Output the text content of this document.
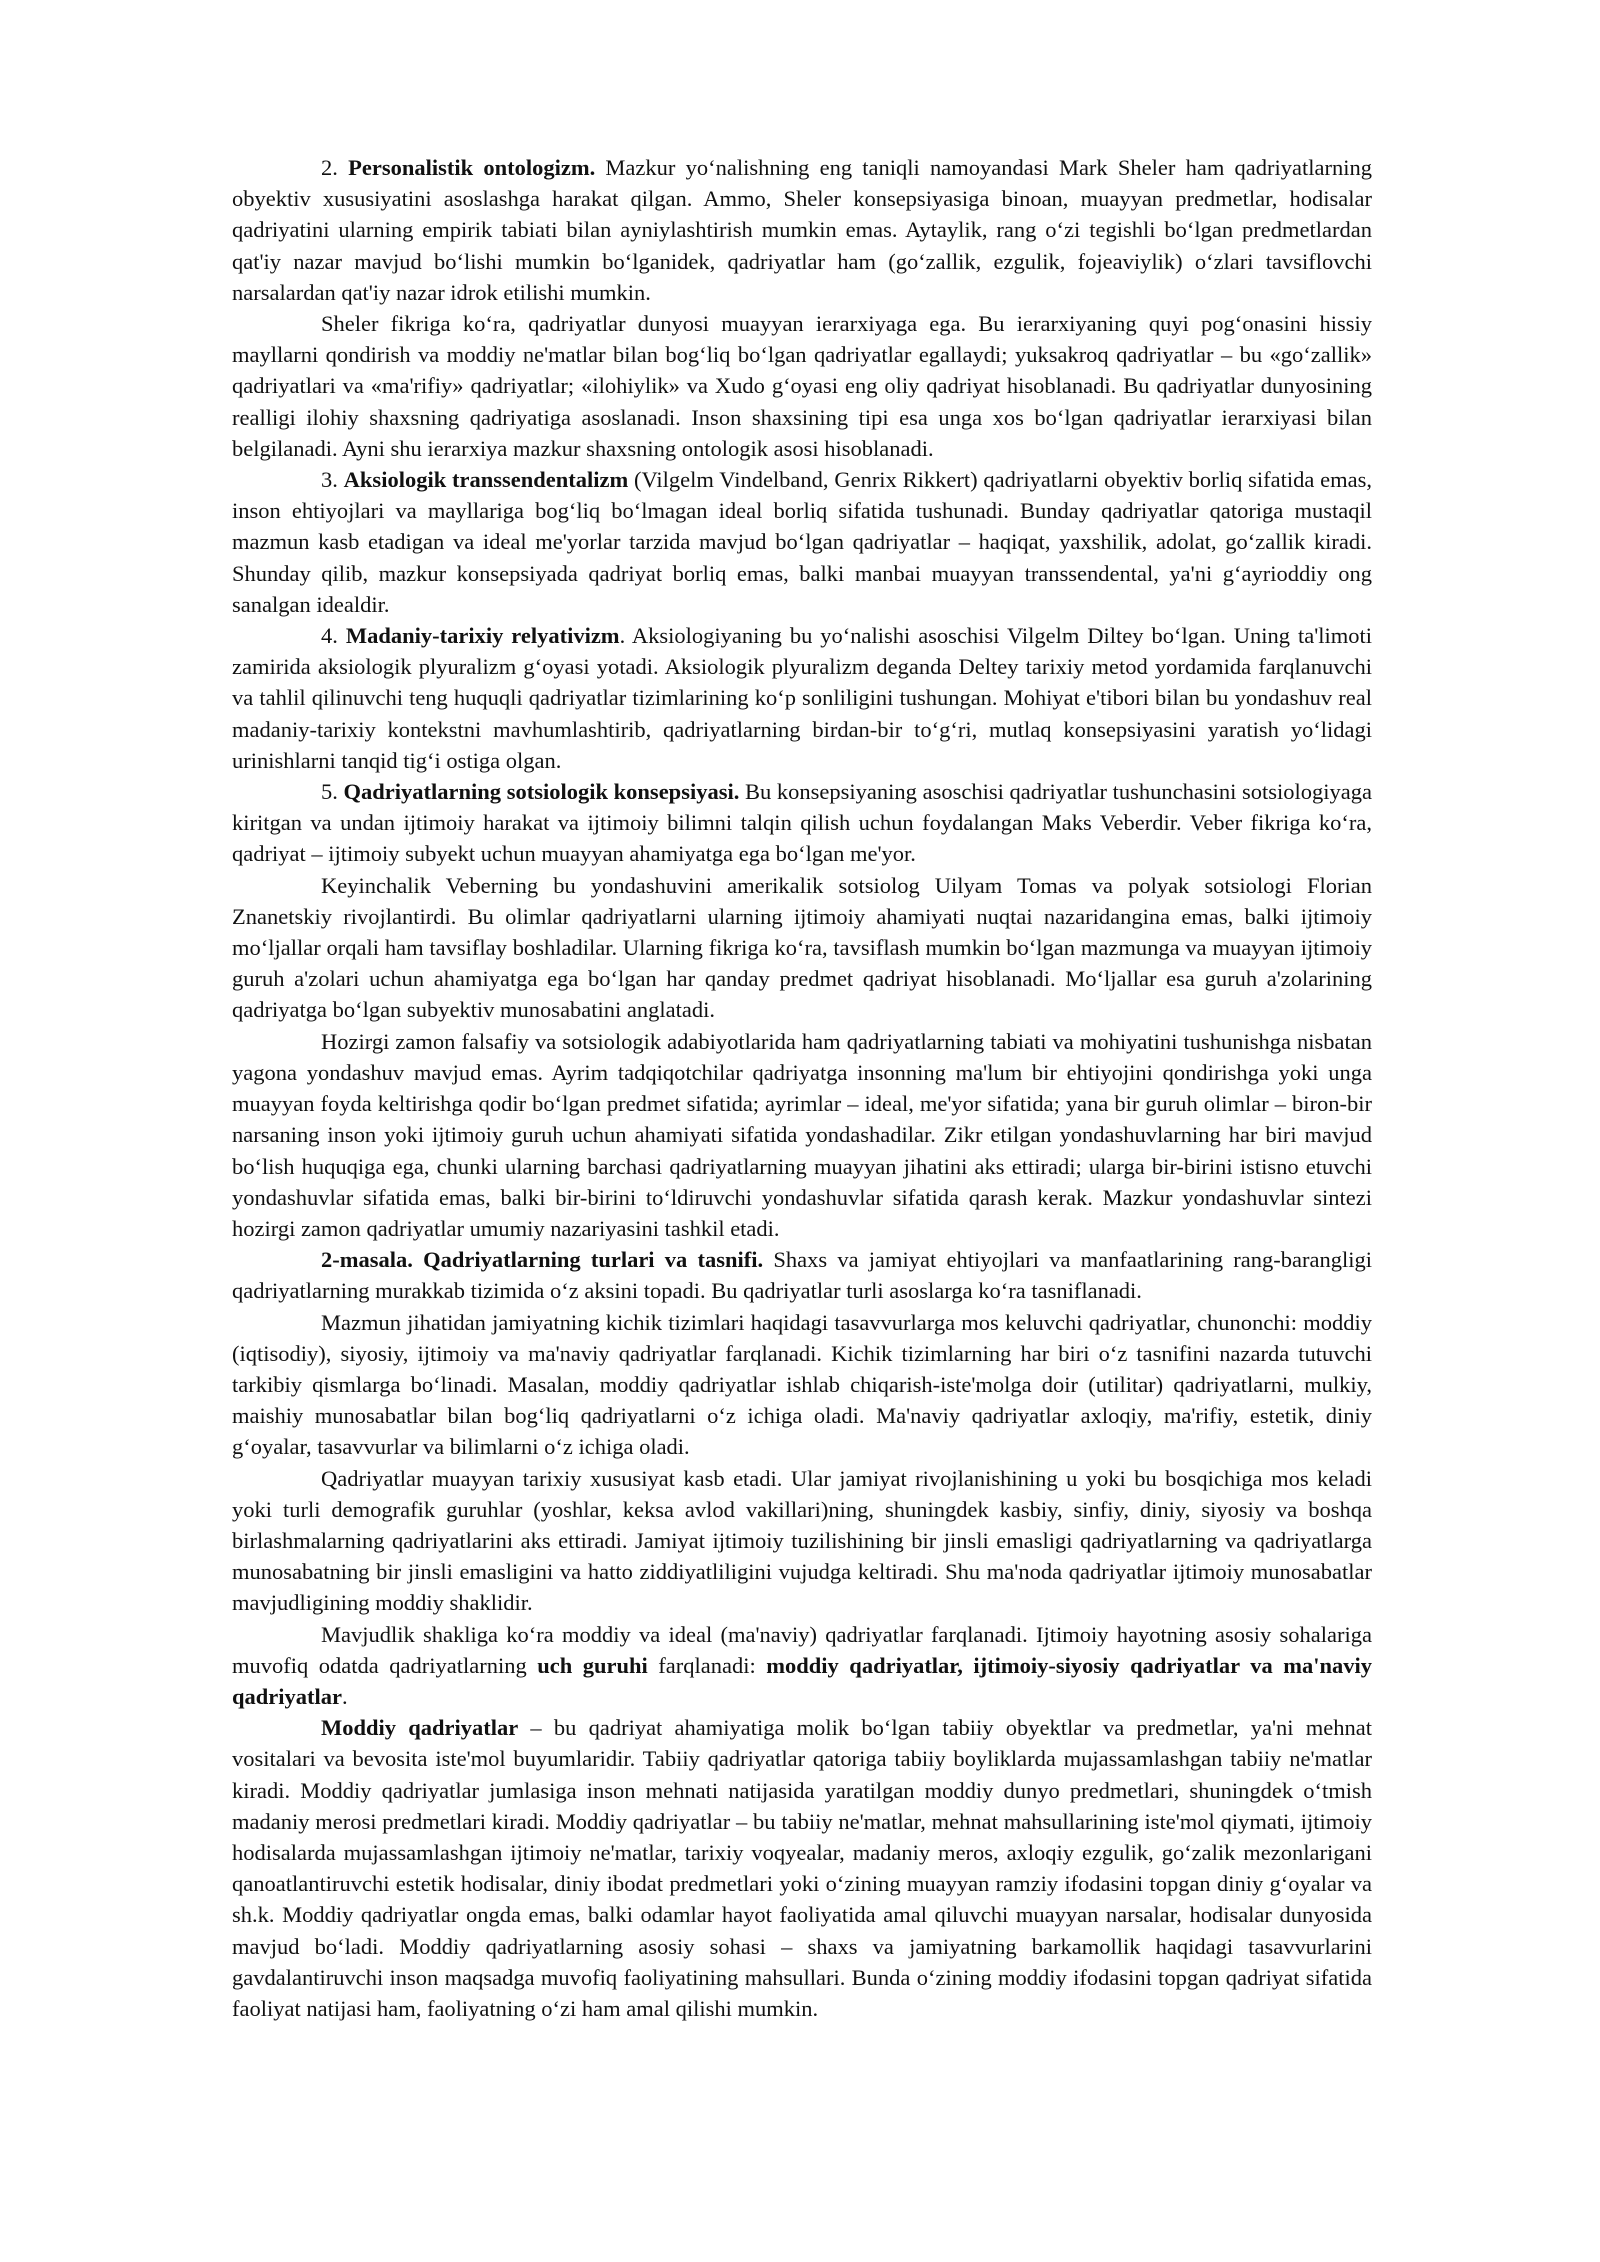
2. Personalistik ontologizm. Mazkur yo‘nalishning eng taniqli namoyandasi Mark Sheler ham qadriyatlarning obyektiv xususiyatini asoslashga harakat qilgan. Ammo, Sheler konsepsiyasiga binoan, muayyan predmetlar, hodisalar qadriyatini ularning empirik tabiati bilan ayniylashtirish mumkin emas. Aytaylik, rang o‘zi tegishli bo‘lgan predmetlardan qat'iy nazar mavjud bo‘lishi mumkin bo‘lganidek, qadriyatlar ham (go‘zallik, ezgulik, fojeaviylik) o‘zlari tavsiflovchi narsalardan qat'iy nazar idrok etilishi mumkin.

Sheler fikriga ko‘ra, qadriyatlar dunyosi muayyan ierarxiyaga ega. Bu ierarxiyaning quyi pog‘onasini hissiy mayllarni qondirish va moddiy ne'matlar bilan bog‘liq bo‘lgan qadriyatlar egallaydi; yuksakroq qadriyatlar – bu «go‘zallik» qadriyatlari va «ma'rifiy» qadriyatlar; «ilohiylik» va Xudo g‘oyasi eng oliy qadriyat hisoblanadi. Bu qadriyatlar dunyosining realligi ilohiy shaxsning qadriyatiga asoslanadi. Inson shaxsining tipi esa unga xos bo‘lgan qadriyatlar ierarxiyasi bilan belgilanadi. Ayni shu ierarxiya mazkur shaxsning ontologik asosi hisoblanadi.

3. Aksiologik transsendentalizm (Vilgelm Vindelband, Genrix Rikkert) qadriyatlarni obyektiv borliq sifatida emas, inson ehtiyojlari va mayllariga bog‘liq bo‘lmagan ideal borliq sifatida tushunadi. Bunday qadriyatlar qatoriga mustaqil mazmun kasb etadigan va ideal me'yorlar tarzida mavjud bo‘lgan qadriyatlar – haqiqat, yaxshilik, adolat, go‘zallik kiradi. Shunday qilib, mazkur konsepsiyada qadriyat borliq emas, balki manbai muayyan transsendental, ya'ni g‘ayrioddiy ong sanalgan idealdir.

4. Madaniy-tarixiy relyativizm. Aksiologiyaning bu yo‘nalishi asoschisi Vilgelm Diltey bo‘lgan. Uning ta'limoti zamirida aksiologik plyuralizm g‘oyasi yotadi. Aksiologik plyuralizm deganda Deltey tarixiy metod yordamida farqlanuvchi va tahlil qilinuvchi teng huquqli qadriyatlar tizimlarining ko‘p sonliligini tushungan. Mohiyat e'tibori bilan bu yondashuv real madaniy-tarixiy kontekstni mavhumlashtirib, qadriyatlarning birdan-bir to‘g‘ri, mutlaq konsepsiyasini yaratish yo‘lidagi urinishlarni tanqid tig‘i ostiga olgan.

5. Qadriyatlarning sotsiologik konsepsiyasi. Bu konsepsiyaning asoschisi qadriyatlar tushunchasini sotsiologiyaga kiritgan va undan ijtimoiy harakat va ijtimoiy bilimni talqin qilish uchun foydalangan Maks Veberdir. Veber fikriga ko‘ra, qadriyat – ijtimoiy subyekt uchun muayyan ahamiyatga ega bo‘lgan me'yor.

Keyinchalik Veberning bu yondashuvini amerikalik sotsiolog Uilyam Tomas va polyak sotsiologi Florian Znanetskiy rivojlantirdi. Bu olimlar qadriyatlarni ularning ijtimoiy ahamiyati nuqtai nazaridangina emas, balki ijtimoiy mo‘ljallar orqali ham tavsiflay boshladilar. Ularning fikriga ko‘ra, tavsiflash mumkin bo‘lgan mazmunga va muayyan ijtimoiy guruh a'zolari uchun ahamiyatga ega bo‘lgan har qanday predmet qadriyat hisoblanadi. Mo‘ljallar esa guruh a'zolarining qadriyatga bo‘lgan subyektiv munosabatini anglatadi.

Hozirgi zamon falsafiy va sotsiologik adabiyotlarida ham qadriyatlarning tabiati va mohiyatini tushunishga nisbatan yagona yondashuv mavjud emas. Ayrim tadqiqotchilar qadriyatga insonning ma'lum bir ehtiyojini qondirishga yoki unga muayyan foyda keltirishga qodir bo‘lgan predmet sifatida; ayrimlar – ideal, me'yor sifatida; yana bir guruh olimlar – biron-bir narsaning inson yoki ijtimoiy guruh uchun ahamiyati sifatida yondashadilar. Zikr etilgan yondashuvlarning har biri mavjud bo‘lish huquqiga ega, chunki ularning barchasi qadriyatlarning muayyan jihatini aks ettiradi; ularga bir-birini istisno etuvchi yondashuvlar sifatida emas, balki bir-birini to‘ldiruvchi yondashuvlar sifatida qarash kerak. Mazkur yondashuvlar sintezi hozirgi zamon qadriyatlar umumiy nazariyasini tashkil etadi.

2-masala. Qadriyatlarning turlari va tasnifi. Shaxs va jamiyat ehtiyojlari va manfaatlarining rang-barangligi qadriyatlarning murakkab tizimida o‘z aksini topadi. Bu qadriyatlar turli asoslarga ko‘ra tasniflanadi.

Mazmun jihatidan jamiyatning kichik tizimlari haqidagi tasavvurlarga mos keluvchi qadriyatlar, chunonchi: moddiy (iqtisodiy), siyosiy, ijtimoiy va ma'naviy qadriyatlar farqlanadi. Kichik tizimlarning har biri o‘z tasnifini nazarda tutuvchi tarkibiy qismlarga bo‘linadi. Masalan, moddiy qadriyatlar ishlab chiqarish-iste'molga doir (utilitar) qadriyatlarni, mulkiy, maishiy munosabatlar bilan bog‘liq qadriyatlarni o‘z ichiga oladi. Ma'naviy qadriyatlar axloqiy, ma'rifiy, estetik, diniy g‘oyalar, tasavvurlar va bilimlarni o‘z ichiga oladi.

Qadriyatlar muayyan tarixiy xususiyat kasb etadi. Ular jamiyat rivojlanishining u yoki bu bosqichiga mos keladi yoki turli demografik guruhlar (yoshlar, keksa avlod vakillari)ning, shuningdek kasbiy, sinfiy, diniy, siyosiy va boshqa birlashmalarning qadriyatlarini aks ettiradi. Jamiyat ijtimoiy tuzilishining bir jinsli emasligi qadriyatlarning va qadriyatlarga munosabatning bir jinsli emasligini va hatto ziddiyatliligini vujudga keltiradi. Shu ma'noda qadriyatlar ijtimoiy munosabatlar mavjudligining moddiy shaklidir.

Mavjudlik shakliga ko‘ra moddiy va ideal (ma'naviy) qadriyatlar farqlanadi. Ijtimoiy hayotning asosiy sohalariga muvofiq odatda qadriyatlarning uch guruhi farqlanadi: moddiy qadriyatlar, ijtimoiy-siyosiy qadriyatlar va ma'naviy qadriyatlar.

Moddiy qadriyatlar – bu qadriyat ahamiyatiga molik bo‘lgan tabiiy obyektlar va predmetlar, ya'ni mehnat vositalari va bevosita iste'mol buyumlaridir. Tabiiy qadriyatlar qatoriga tabiiy boyliklarda mujassamlashgan tabiiy ne'matlar kiradi. Moddiy qadriyatlar jumlasiga inson mehnati natijasida yaratilgan moddiy dunyo predmetlari, shuningdek o‘tmish madaniy merosi predmetlari kiradi. Moddiy qadriyatlar – bu tabiiy ne'matlar, mehnat mahsullarining iste'mol qiymati, ijtimoiy hodisalarda mujassamlashgan ijtimoiy ne'matlar, tarixiy voqyealar, madaniy meros, axloqiy ezgulik, go‘zalik mezonlarigani qanoatlantiruvchi estetik hodisalar, diniy ibodat predmetlari yoki o‘zining muayyan ramziy ifodasini topgan diniy g‘oyalar va sh.k. Moddiy qadriyatlar ongda emas, balki odamlar hayot faoliyatida amal qiluvchi muayyan narsalar, hodisalar dunyosida mavjud bo‘ladi. Moddiy qadriyatlarning asosiy sohasi – shaxs va jamiyatning barkamollik haqidagi tasavvurlarini gavdalantiruvchi inson maqsadga muvofiq faoliyatining mahsullari. Bunda o‘zining moddiy ifodasini topgan qadriyat sifatida faoliyat natijasi ham, faoliyatning o‘zi ham amal qilishi mumkin.
